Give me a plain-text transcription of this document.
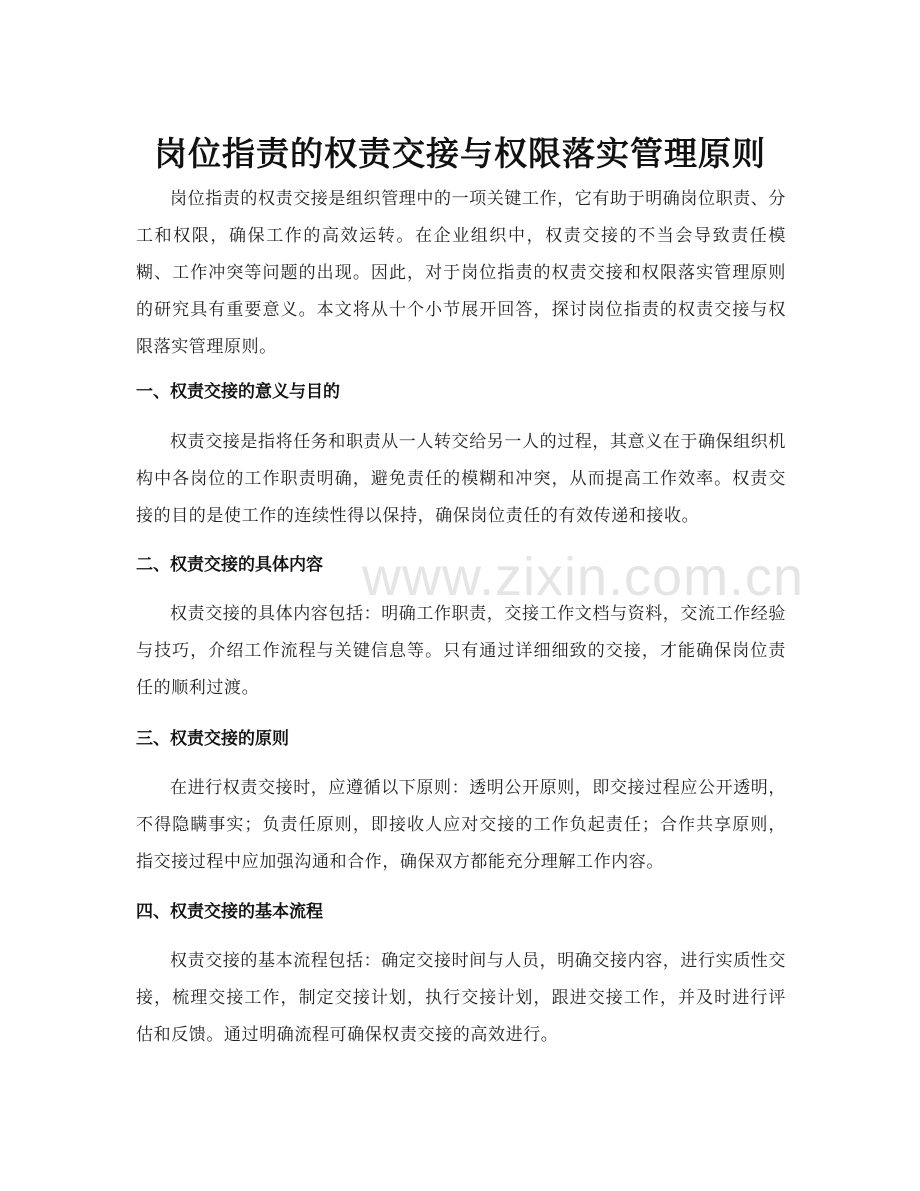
岗位指责的权责交接与权限落实管理原则

岗位指责的权责交接是组织管理中的一项关键工作，它有助于明确岗位职责、分工和权限，确保工作的高效运转。在企业组织中，权责交接的不当会导致责任模糊、工作冲突等问题的出现。因此，对于岗位指责的权责交接和权限落实管理原则的研究具有重要意义。本文将从十个小节展开回答，探讨岗位指责的权责交接与权限落实管理原则。

一、权责交接的意义与目的

权责交接是指将任务和职责从一人转交给另一人的过程，其意义在于确保组织机构中各岗位的工作职责明确，避免责任的模糊和冲突，从而提高工作效率。权责交接的目的是使工作的连续性得以保持，确保岗位责任的有效传递和接收。

二、权责交接的具体内容

权责交接的具体内容包括：明确工作职责，交接工作文档与资料，交流工作经验与技巧，介绍工作流程与关键信息等。只有通过详细细致的交接，才能确保岗位责任的顺利过渡。

三、权责交接的原则

在进行权责交接时，应遵循以下原则：透明公开原则，即交接过程应公开透明，不得隐瞒事实；负责任原则，即接收人应对交接的工作负起责任；合作共享原则，指交接过程中应加强沟通和合作，确保双方都能充分理解工作内容。

四、权责交接的基本流程

权责交接的基本流程包括：确定交接时间与人员，明确交接内容，进行实质性交接，梳理交接工作，制定交接计划，执行交接计划，跟进交接工作，并及时进行评估和反馈。通过明确流程可确保权责交接的高效进行。

www.zixin.com.cn
